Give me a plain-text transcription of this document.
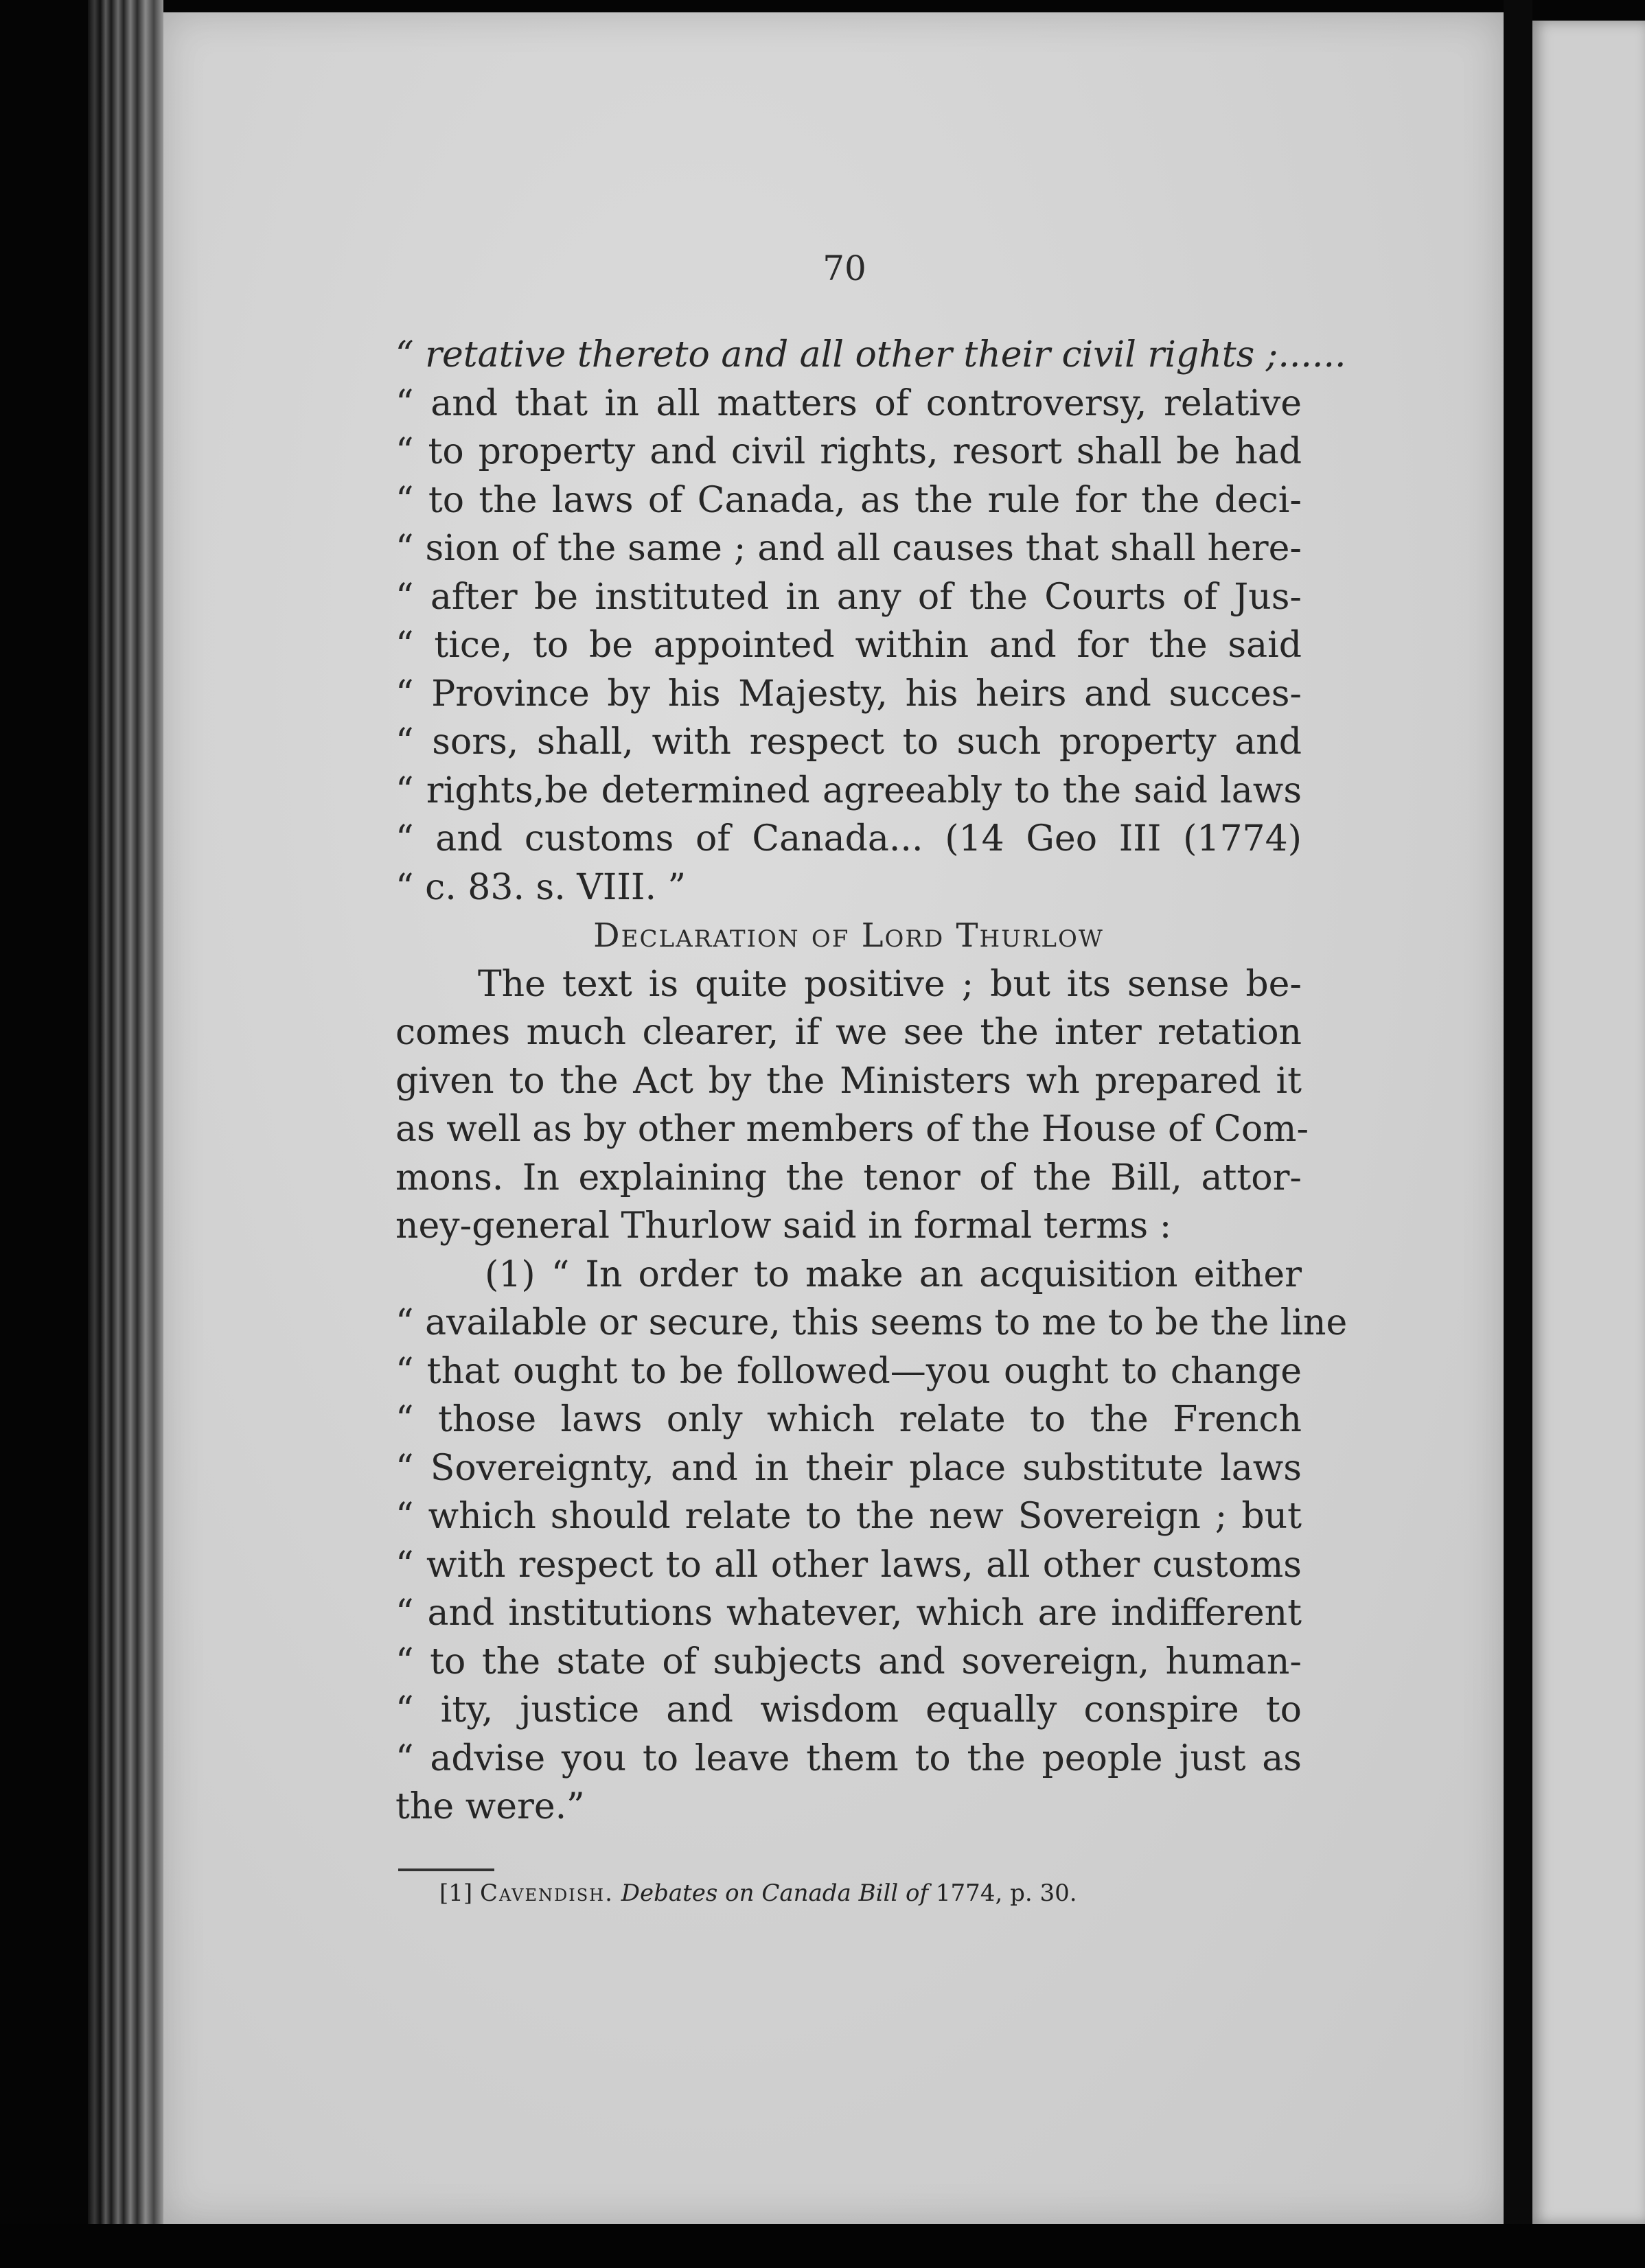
70
“ retative thereto and all other their civil rights ;......
“ and that in all matters of controversy, relative
“ to property and civil rights, resort shall be had
“ to the laws of Canada, as the rule for the deci-
“ sion of the same ; and all causes that shall here-
“ after be instituted in any of the Courts of Jus-
“ tice, to be appointed within and for the said
“ Province by his Majesty, his heirs and succes-
“ sors, shall, with respect to such property and
“ rights,be determined agreeably to the said laws
“ and customs of Canada... (14 Geo III (1774)
“ c. 83. s. VIII. ”
Declaration of Lord Thurlow
The text is quite positive ; but its sense be-
comes much clearer, if we see the inter retation
given to the Act by the Ministers wh prepared it
as well as by other members of the House of Com-
mons. In explaining the tenor of the Bill, attor-
ney-general Thurlow said in formal terms :
(1) “ In order to make an acquisition either
“ available or secure, this seems to me to be the line
“ that ought to be followed—you ought to change
“ those laws only which relate to the French
“ Sovereignty, and in their place substitute laws
“ which should relate to the new Sovereign ; but
“ with respect to all other laws, all other customs
“ and institutions whatever, which are indifferent
“ to the state of subjects and sovereign, human-
“ ity, justice and wisdom equally conspire to
“ advise you to leave them to the people just as
the were.”
[1] Cavendish. Debates on Canada Bill of 1774, p. 30.
